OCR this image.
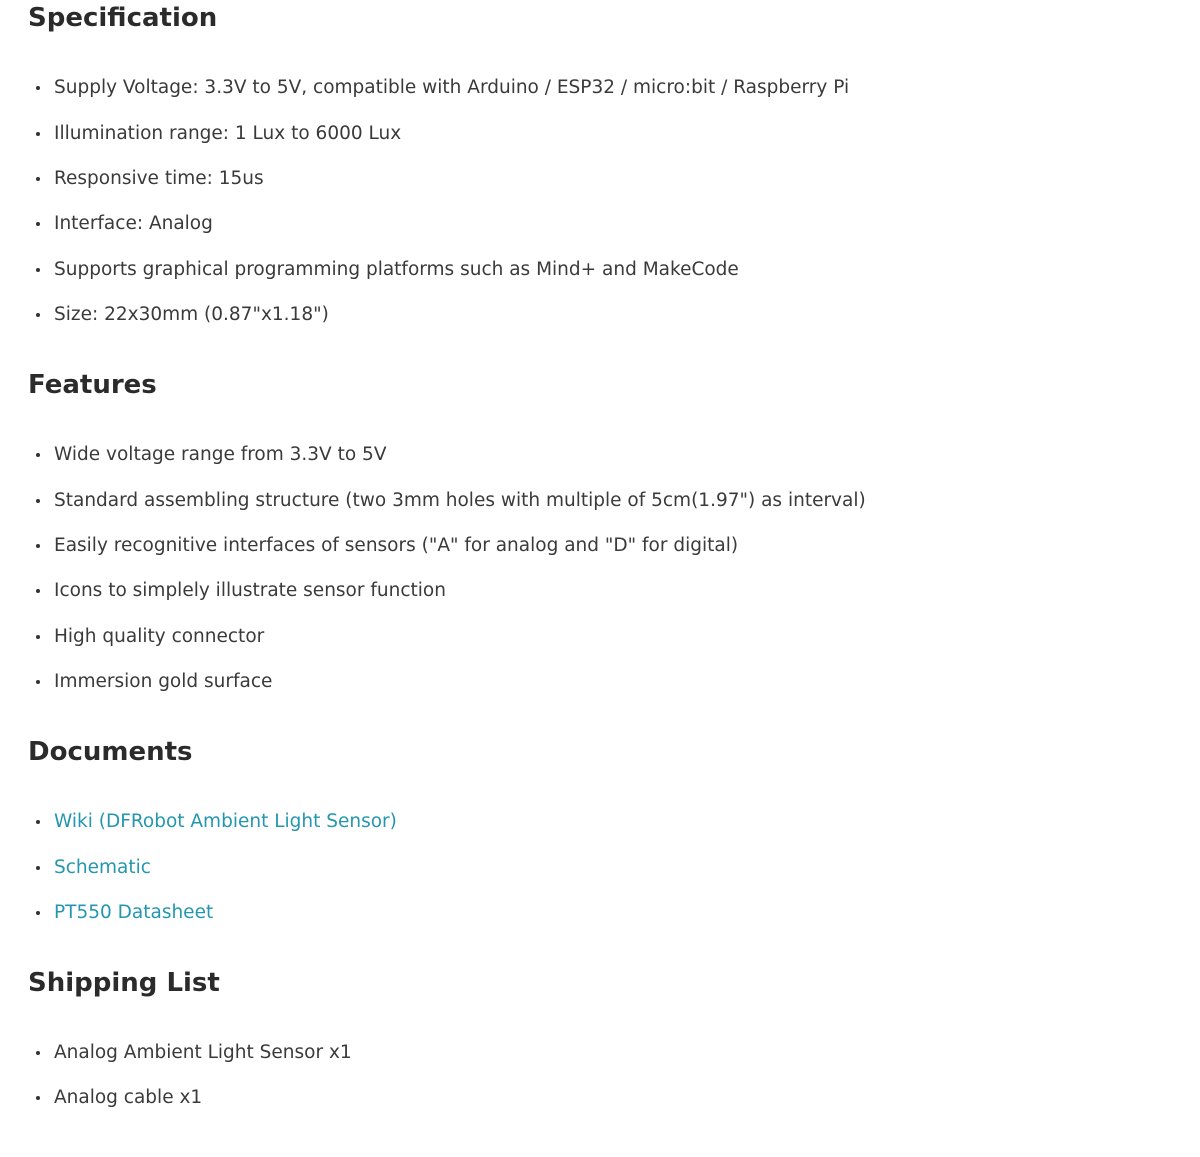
Specification
Supply Voltage: 3.3V to 5V, compatible with Arduino / ESP32 / micro:bit / Raspberry Pi
Illumination range: 1 Lux to 6000 Lux
Responsive time: 15us
Interface: Analog
Supports graphical programming platforms such as Mind+ and MakeCode
Size: 22x30mm (0.87"x1.18")
Features
Wide voltage range from 3.3V to 5V
Standard assembling structure (two 3mm holes with multiple of 5cm(1.97") as interval)
Easily recognitive interfaces of sensors ("A" for analog and "D" for digital)
Icons to simplely illustrate sensor function
High quality connector
Immersion gold surface
Documents
Wiki (DFRobot Ambient Light Sensor)
Schematic
PT550 Datasheet
Shipping List
Analog Ambient Light Sensor x1
Analog cable x1
